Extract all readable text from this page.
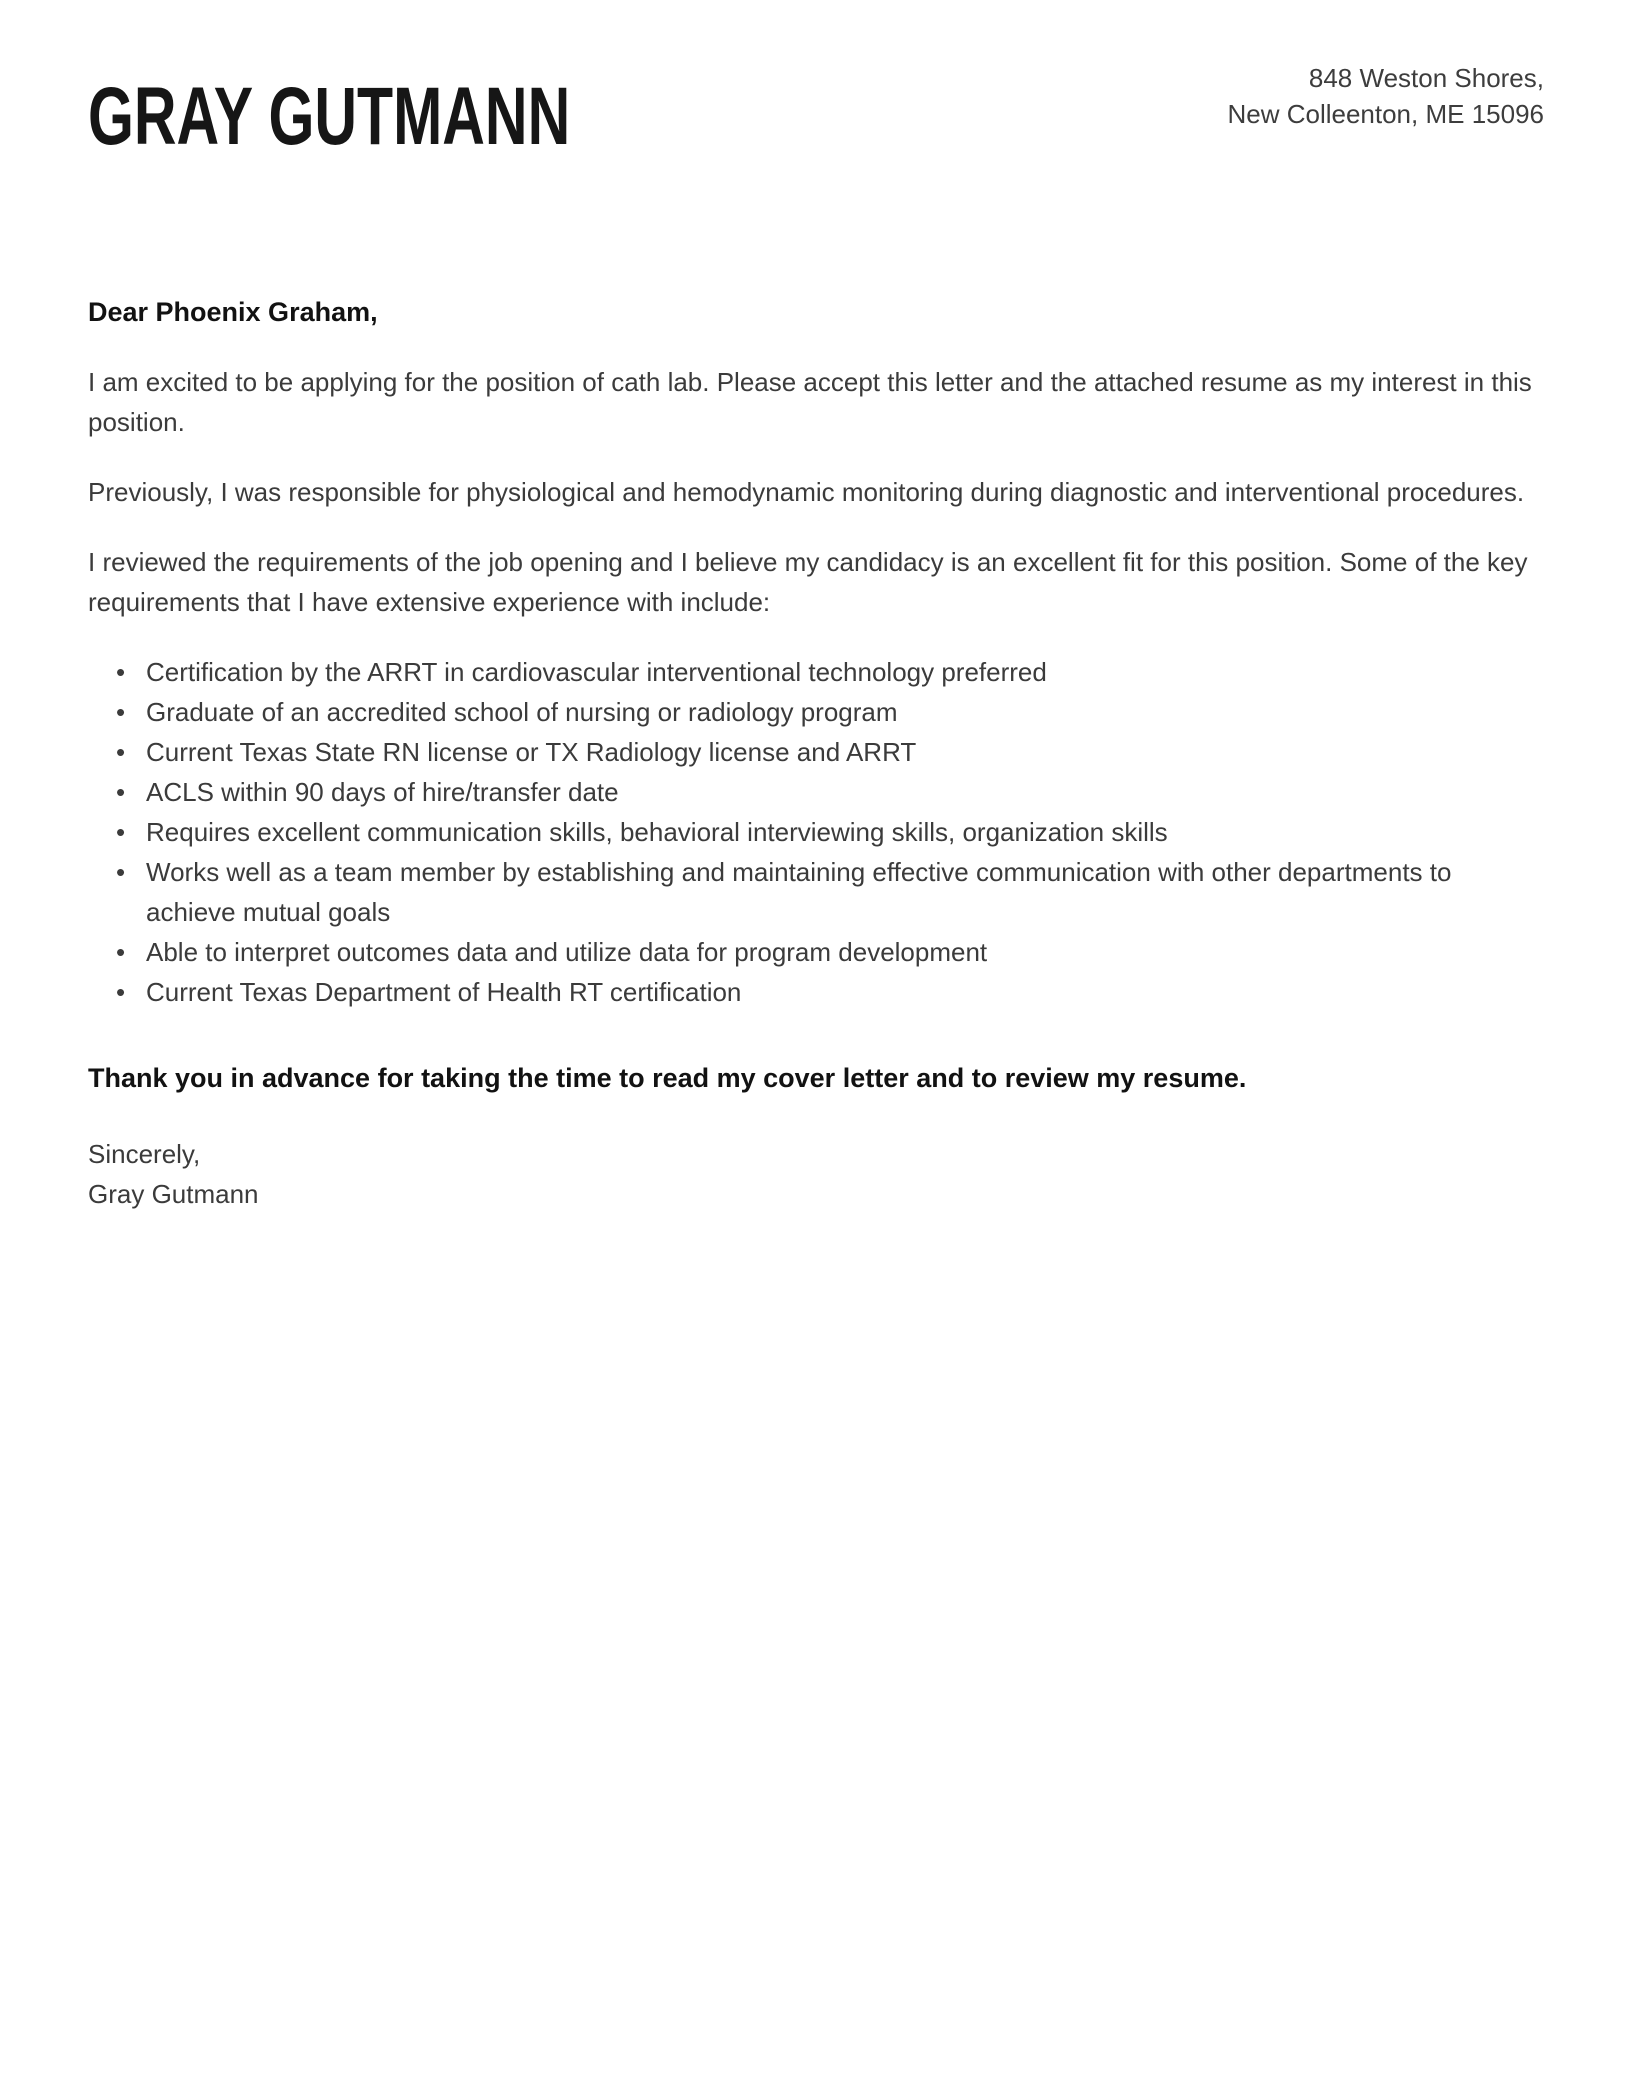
GRAY GUTMANN	848 Weston Shores,
New Colleenton, ME 15096

Dear Phoenix Graham,

I am excited to be applying for the position of cath lab. Please accept this letter and the attached resume as my interest in this position.

Previously, I was responsible for physiological and hemodynamic monitoring during diagnostic and interventional procedures.

I reviewed the requirements of the job opening and I believe my candidacy is an excellent fit for this position. Some of the key requirements that I have extensive experience with include:

• Certification by the ARRT in cardiovascular interventional technology preferred
• Graduate of an accredited school of nursing or radiology program
• Current Texas State RN license or TX Radiology license and ARRT
• ACLS within 90 days of hire/transfer date
• Requires excellent communication skills, behavioral interviewing skills, organization skills
• Works well as a team member by establishing and maintaining effective communication with other departments to achieve mutual goals
• Able to interpret outcomes data and utilize data for program development
• Current Texas Department of Health RT certification

Thank you in advance for taking the time to read my cover letter and to review my resume.

Sincerely,
Gray Gutmann
